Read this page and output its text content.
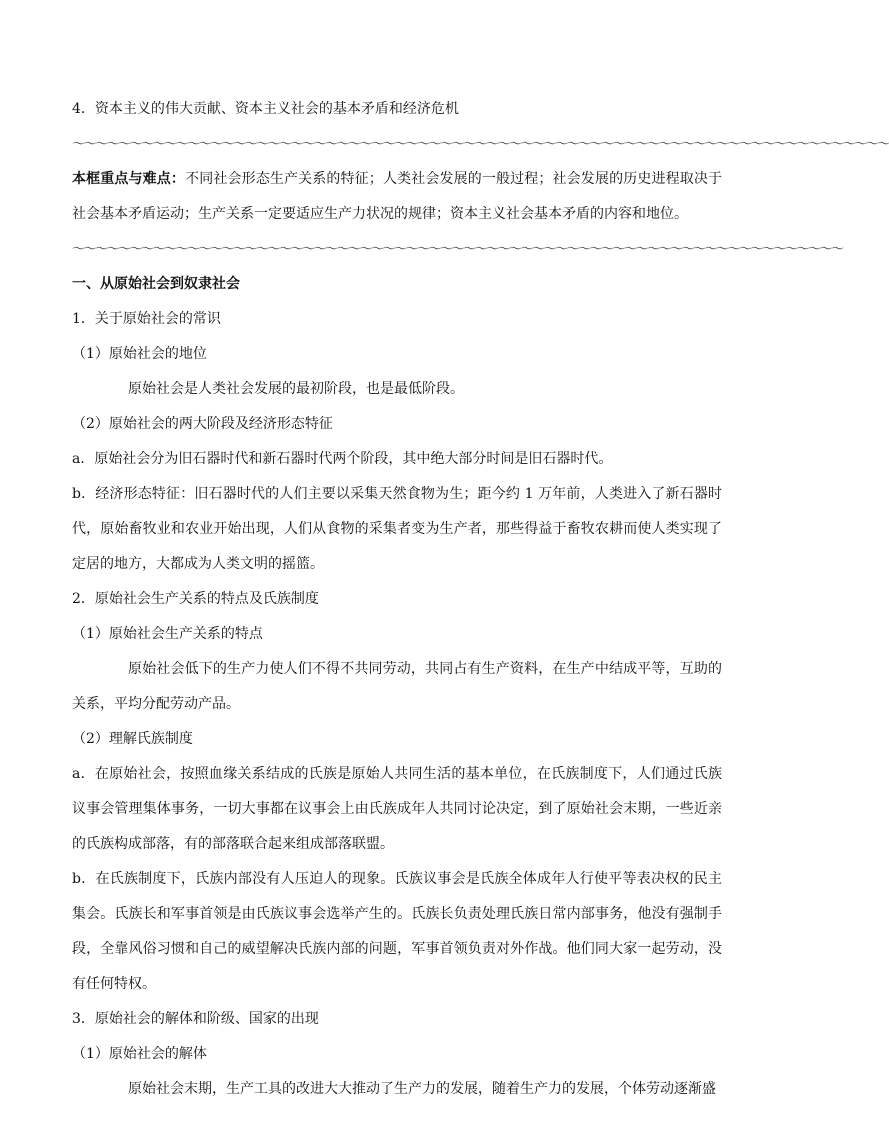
4．资本主义的伟大贡献、资本主义社会的基本矛盾和经济危机
～～～～～～～～～～～～～～～～～～～～～～～～～～～～～～～～～～～～～～～～～～～～～～～～～～～～～～～～～～～～～～～～～～～～～～～
本框重点与难点：不同社会形态生产关系的特征；人类社会发展的一般过程；社会发展的历史进程取决于社会基本矛盾运动；生产关系一定要适应生产力状况的规律；资本主义社会基本矛盾的内容和地位。
～～～～～～～～～～～～～～～～～～～～～～～～～～～～～～～～～～～～～～～～～～～～～～～～～～～～～～～～～～～～～～～～～～～
一、从原始社会到奴隶社会
1．关于原始社会的常识
（1）原始社会的地位
原始社会是人类社会发展的最初阶段，也是最低阶段。
（2）原始社会的两大阶段及经济形态特征
a．原始社会分为旧石器时代和新石器时代两个阶段，其中绝大部分时间是旧石器时代。
b．经济形态特征：旧石器时代的人们主要以采集天然食物为生；距今约 1 万年前，人类进入了新石器时代，原始畜牧业和农业开始出现，人们从食物的采集者变为生产者，那些得益于畜牧农耕而使人类实现了定居的地方，大都成为人类文明的摇篮。
2．原始社会生产关系的特点及氏族制度
（1）原始社会生产关系的特点
原始社会低下的生产力使人们不得不共同劳动，共同占有生产资料，在生产中结成平等，互助的关系，平均分配劳动产品。
（2）理解氏族制度
a．在原始社会，按照血缘关系结成的氏族是原始人共同生活的基本单位，在氏族制度下，人们通过氏族议事会管理集体事务，一切大事都在议事会上由氏族成年人共同讨论决定，到了原始社会末期，一些近亲的氏族构成部落，有的部落联合起来组成部落联盟。
b．在氏族制度下，氏族内部没有人压迫人的现象。氏族议事会是氏族全体成年人行使平等表决权的民主集会。氏族长和军事首领是由氏族议事会选举产生的。氏族长负责处理氏族日常内部事务，他没有强制手段，全靠风俗习惯和自己的威望解决氏族内部的问题，军事首领负责对外作战。他们同大家一起劳动，没有任何特权。
3．原始社会的解体和阶级、国家的出现
（1）原始社会的解体
原始社会末期，生产工具的改进大大推动了生产力的发展，随着生产力的发展，个体劳动逐渐盛
